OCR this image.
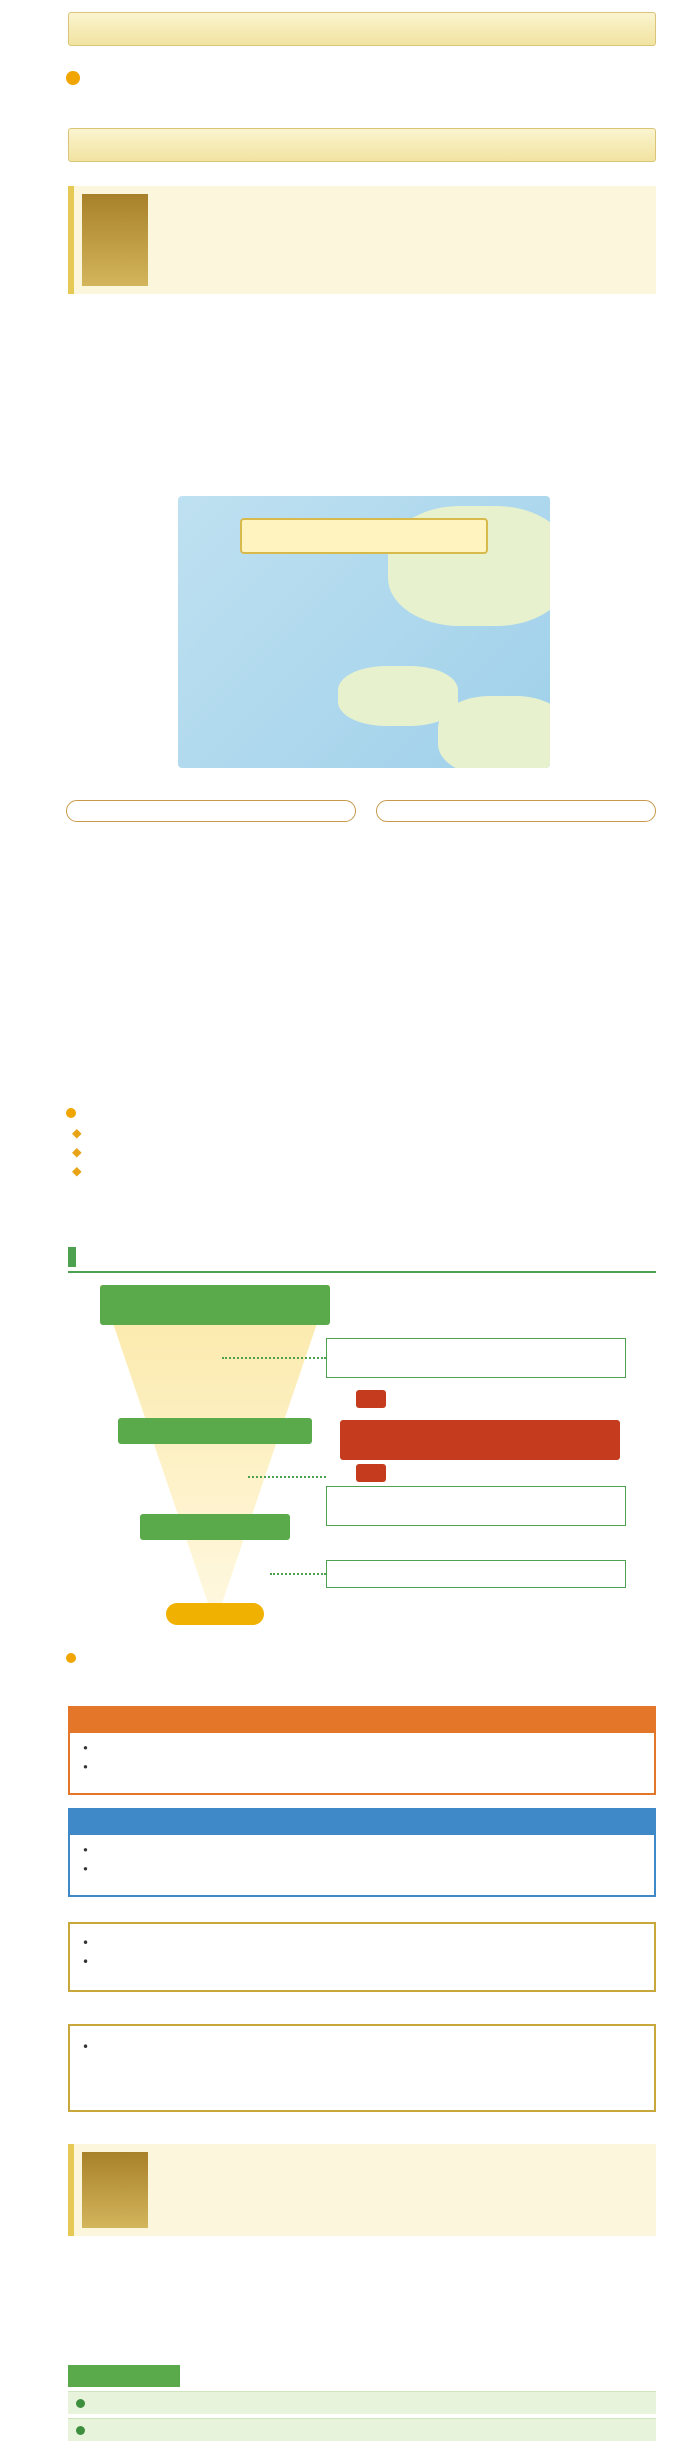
◆
◆
◆
•
•
•
•
•
•
•
